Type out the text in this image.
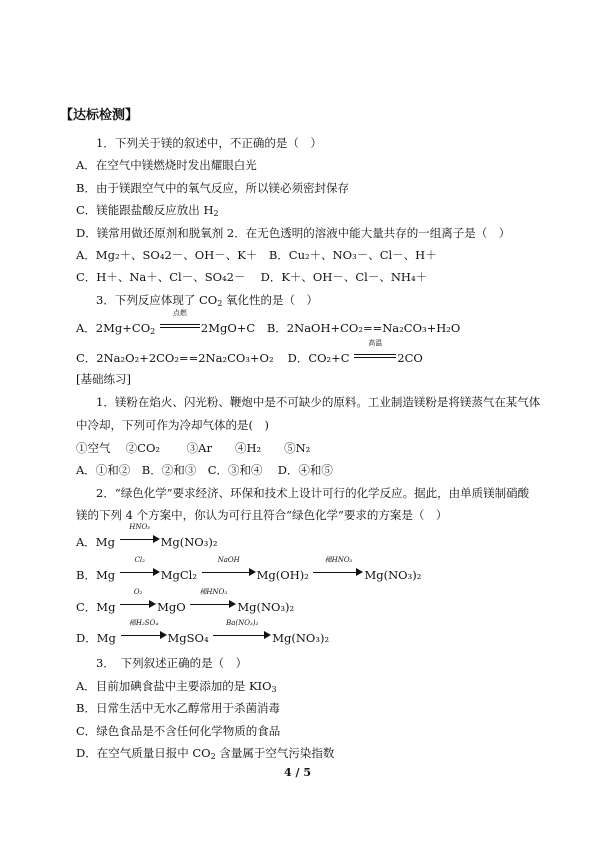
【达标检测】
1．下列关于镁的叙述中，不正确的是（　）
A．在空气中镁燃烧时发出耀眼白光
B．由于镁跟空气中的氧气反应，所以镁必须密封保存
C．镁能跟盐酸反应放出 $H_2$
D．镁常用做还原剂和脱氧剂 2．在无色透明的溶液中能大量共存的一组离子是（　）
A．Mg₂＋、SO₄2－、OH－、K＋　B．Cu₂＋、NO₃－、Cl－、H＋
C．H＋、Na＋、Cl－、SO₄2－　 D．K＋、OH－、Cl－、NH₄＋
3．下列反应体现了 $CO_2$ 氧化性的是（　）
A．$2Mg+CO_2$
点燃
2MgO+C B．2NaOH+CO₂==Na₂CO₃+H₂O
C．2Na₂O₂+2CO₂==2Na₂CO₃+O₂ D．CO₂+C
高温
2CO
[基础练习]
1．镁粉在焰火、闪光粉、鞭炮中是不可缺少的原料。工业制造镁粉是将镁蒸气在某气体
中冷却，下列可作为冷却气体的是(　)
①空气　 ②CO₂　　 ③Ar　　④H₂　　⑤N₂
A．①和②　B．②和③　C．③和④　 D．④和⑤
2．“绿色化学”要求经济、环保和技术上设计可行的化学反应。据此，由单质镁制硝酸
镁的下列 4 个方案中，你认为可行且符合“绿色化学”要求的方案是（　）
A．Mg
HNO₃
Mg(NO₃)₂
B．Mg
Cl₂
MgCl₂
NaOH
Mg(OH)₂
稀HNO₃
Mg(NO₃)₂
C．Mg
O₂
MgO
稀HNO₃
Mg(NO₃)₂
D．Mg
稀H₂SO₄
MgSO₄
Ba(NO₃)₂
Mg(NO₃)₂
3．　下列叙述正确的是（　）
A．目前加碘食盐中主要添加的是 $KIO_3$
B．日常生活中无水乙醇常用于杀菌消毒
C．绿色食品是不含任何化学物质的食品
D．在空气质量日报中 $CO_2$ 含量属于空气污染指数
4 / 5
